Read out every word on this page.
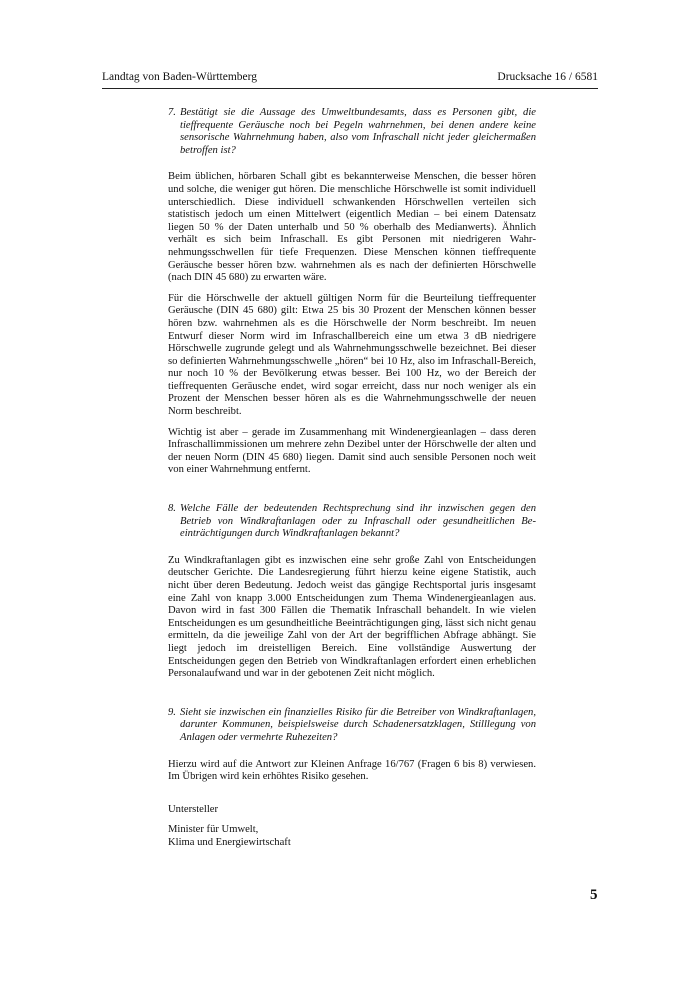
Landtag von Baden-Württemberg	Drucksache 16 / 6581
7. Bestätigt sie die Aussage des Umweltbundesamts, dass es Personen gibt, die tieffrequente Geräusche noch bei Pegeln wahrnehmen, bei denen andere keine sensorische Wahrnehmung haben, also vom Infraschall nicht jeder gleichermaßen betroffen ist?
Beim üblichen, hörbaren Schall gibt es bekannterweise Menschen, die besser hören und solche, die weniger gut hören. Die menschliche Hörschwelle ist somit individuell unterschiedlich. Diese individuell schwankenden Hörschwellen verteilen sich statistisch jedoch um einen Mittelwert (eigentlich Median – bei einem Datensatz liegen 50 % der Daten unterhalb und 50 % oberhalb des Medianwerts). Ähnlich verhält es sich beim Infraschall. Es gibt Personen mit niedrigeren Wahrnehmungsschwellen für tiefe Frequenzen. Diese Menschen können tieffrequente Geräusche besser hören bzw. wahrnehmen als es nach der definierten Hörschwelle (nach DIN 45 680) zu erwarten wäre.
Für die Hörschwelle der aktuell gültigen Norm für die Beurteilung tieffrequenter Geräusche (DIN 45 680) gilt: Etwa 25 bis 30 Prozent der Menschen können besser hören bzw. wahrnehmen als es die Hörschwelle der Norm beschreibt. Im neuen Entwurf dieser Norm wird im Infraschallbereich eine um etwa 3 dB niedrigere Hörschwelle zugrunde gelegt und als Wahrnehmungsschwelle bezeichnet. Bei dieser so definierten Wahrnehmungsschwelle „hören“ bei 10 Hz, also im Infraschall-Bereich, nur noch 10 % der Bevölkerung etwas besser. Bei 100 Hz, wo der Bereich der tieffrequenten Geräusche endet, wird sogar erreicht, dass nur noch weniger als ein Prozent der Menschen besser hören als es die Wahrnehmungsschwelle der neuen Norm beschreibt.
Wichtig ist aber – gerade im Zusammenhang mit Windenergieanlagen – dass deren Infraschallimmissionen um mehrere zehn Dezibel unter der Hörschwelle der alten und der neuen Norm (DIN 45 680) liegen. Damit sind auch sensible Personen noch weit von einer Wahrnehmung entfernt.
8. Welche Fälle der bedeutenden Rechtsprechung sind ihr inzwischen gegen den Betrieb von Windkraftanlagen oder zu Infraschall oder gesundheitlichen Beeinträchtigungen durch Windkraftanlagen bekannt?
Zu Windkraftanlagen gibt es inzwischen eine sehr große Zahl von Entscheidungen deutscher Gerichte. Die Landesregierung führt hierzu keine eigene Statistik, auch nicht über deren Bedeutung. Jedoch weist das gängige Rechtsportal juris insgesamt eine Zahl von knapp 3.000 Entscheidungen zum Thema Windenergieanlagen aus. Davon wird in fast 300 Fällen die Thematik Infraschall behandelt. In wie vielen Entscheidungen es um gesundheitliche Beeinträchtigungen ging, lässt sich nicht genau ermitteln, da die jeweilige Zahl von der Art der begrifflichen Abfrage abhängt. Sie liegt jedoch im dreistelligen Bereich. Eine vollständige Auswertung der Entscheidungen gegen den Betrieb von Windkraftanlagen erfordert einen erheblichen Personalaufwand und war in der gebotenen Zeit nicht möglich.
9. Sieht sie inzwischen ein finanzielles Risiko für die Betreiber von Windkraftanlagen, darunter Kommunen, beispielsweise durch Schadenersatzklagen, Stilllegung von Anlagen oder vermehrte Ruhezeiten?
Hierzu wird auf die Antwort zur Kleinen Anfrage 16/767 (Fragen 6 bis 8) verwiesen. Im Übrigen wird kein erhöhtes Risiko gesehen.
Untersteller
Minister für Umwelt,
Klima und Energiewirtschaft
5
